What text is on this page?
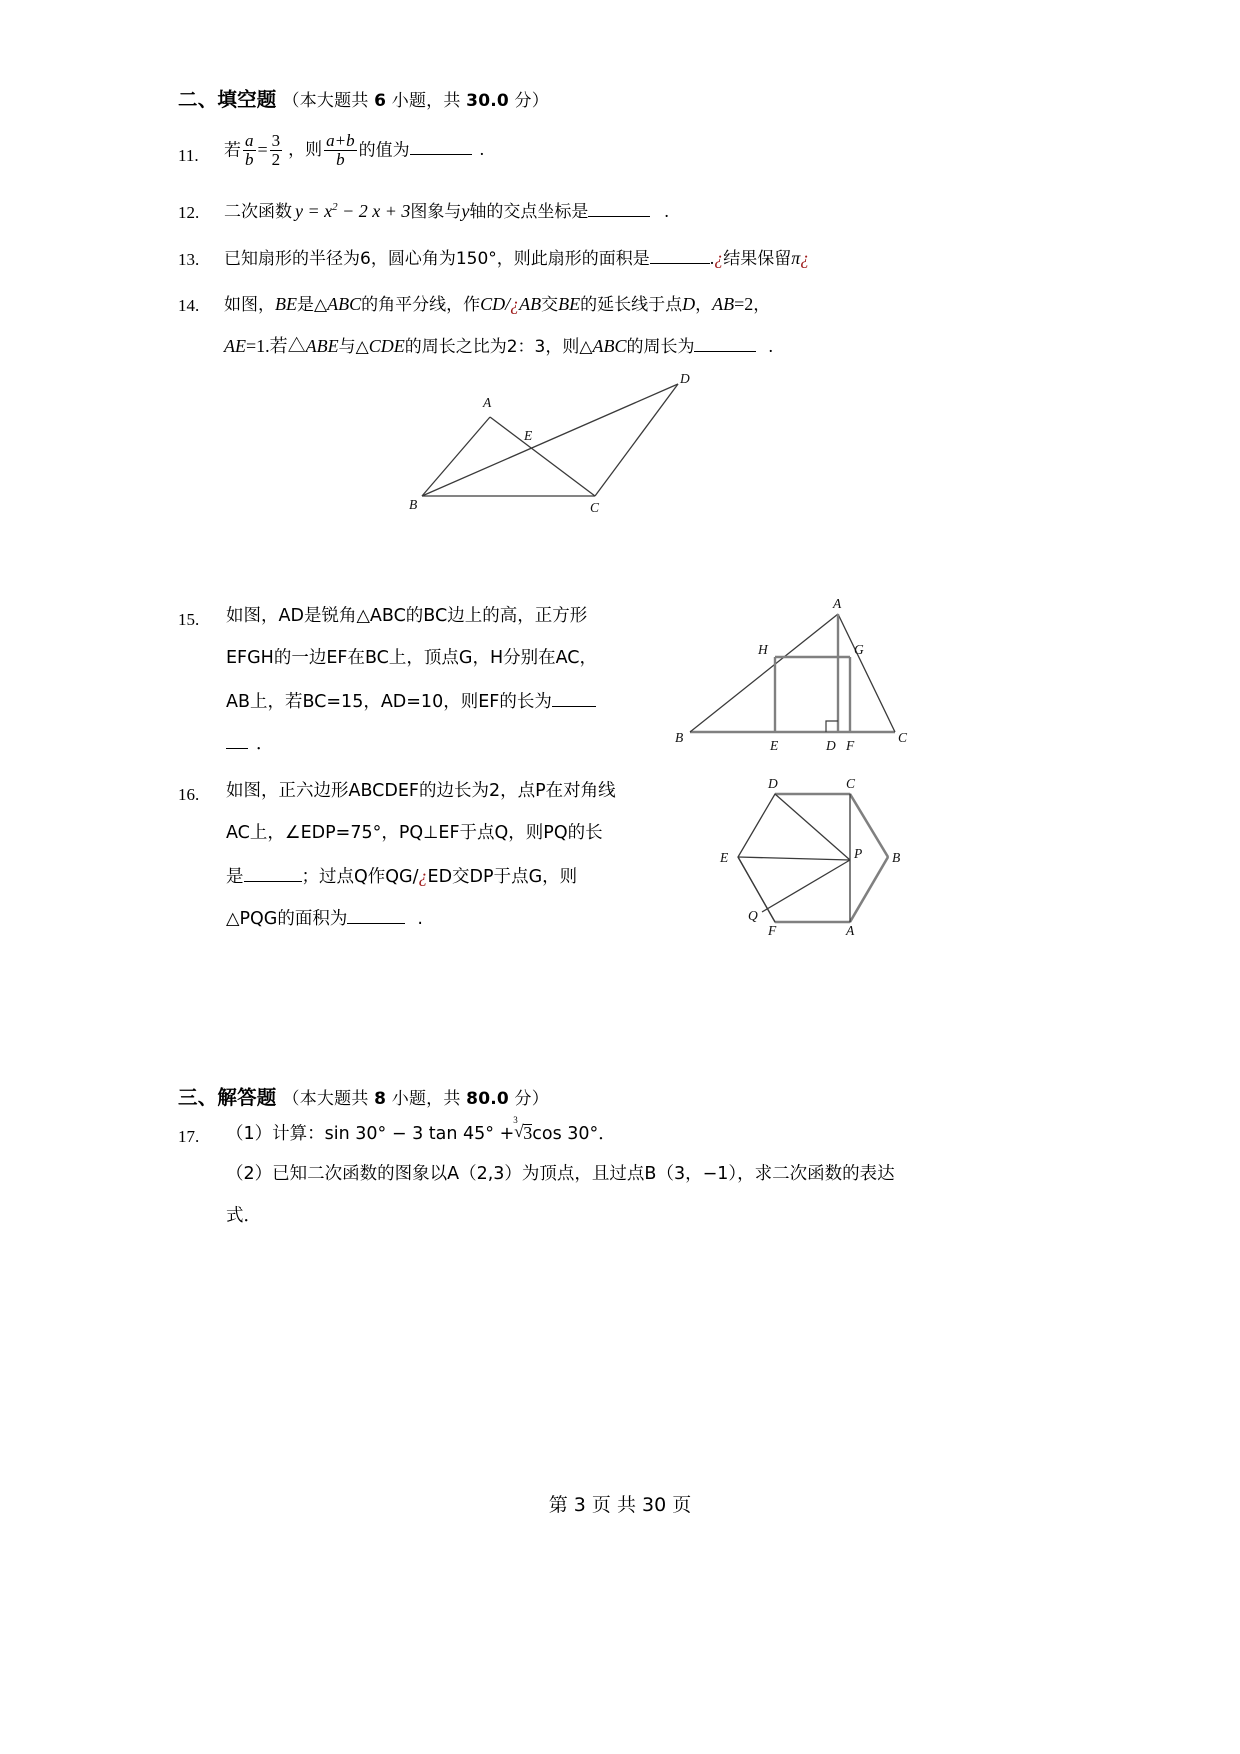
二、填空题 （本大题共 6 小题，共 30.0 分）
11. 若 $\frac{a}{b} = \frac{3}{2}$ ，则 $\frac{a+b}{b}$ 的值为	.
12. 二次函数 $y = x^2 - 2$ x + 3图象与y轴的交点坐标是	.
13. 已知扇形的半径为6，圆心角为150°，则此扇形的面积是	.¿结果保留π¿
14. 如图，BE是△ABC的角平分线，作CD/¿AB交BE的延长线于点D，AB=2，
AE=1.若△ABE与△CDE的周长之比为2：3，则△ABC的周长为	.
A
B	C
D
E
15. 如图，AD是锐角△ABC的BC边上的高，正方形
EFGH的一边EF在BC上，顶点G，H分别在AC，
AB上，若BC=15，AD=10，则EF的长为
．
A
B	C
H	G
E	D F
16. 如图，正六边形ABCDEF的边长为2，点P在对角线
AC上，∠EDP=75°，PQ⊥EF于点Q，则PQ的长
是	；过点Q作QG/¿ED交DP于点G，则
△PQG的面积为	.
D	C
E	B
P
Q
F	A
三、解答题 （本大题共 8 小题，共 80.0 分）
17. （1）计算：sin 30° − 3 tan 45° +
√ 3
3cos 30°．
（2）已知二次函数的图象以A（2,3）为顶点，且过点B（3，−1），求二次函数的表达
式．
第 3 页 共 30 页
